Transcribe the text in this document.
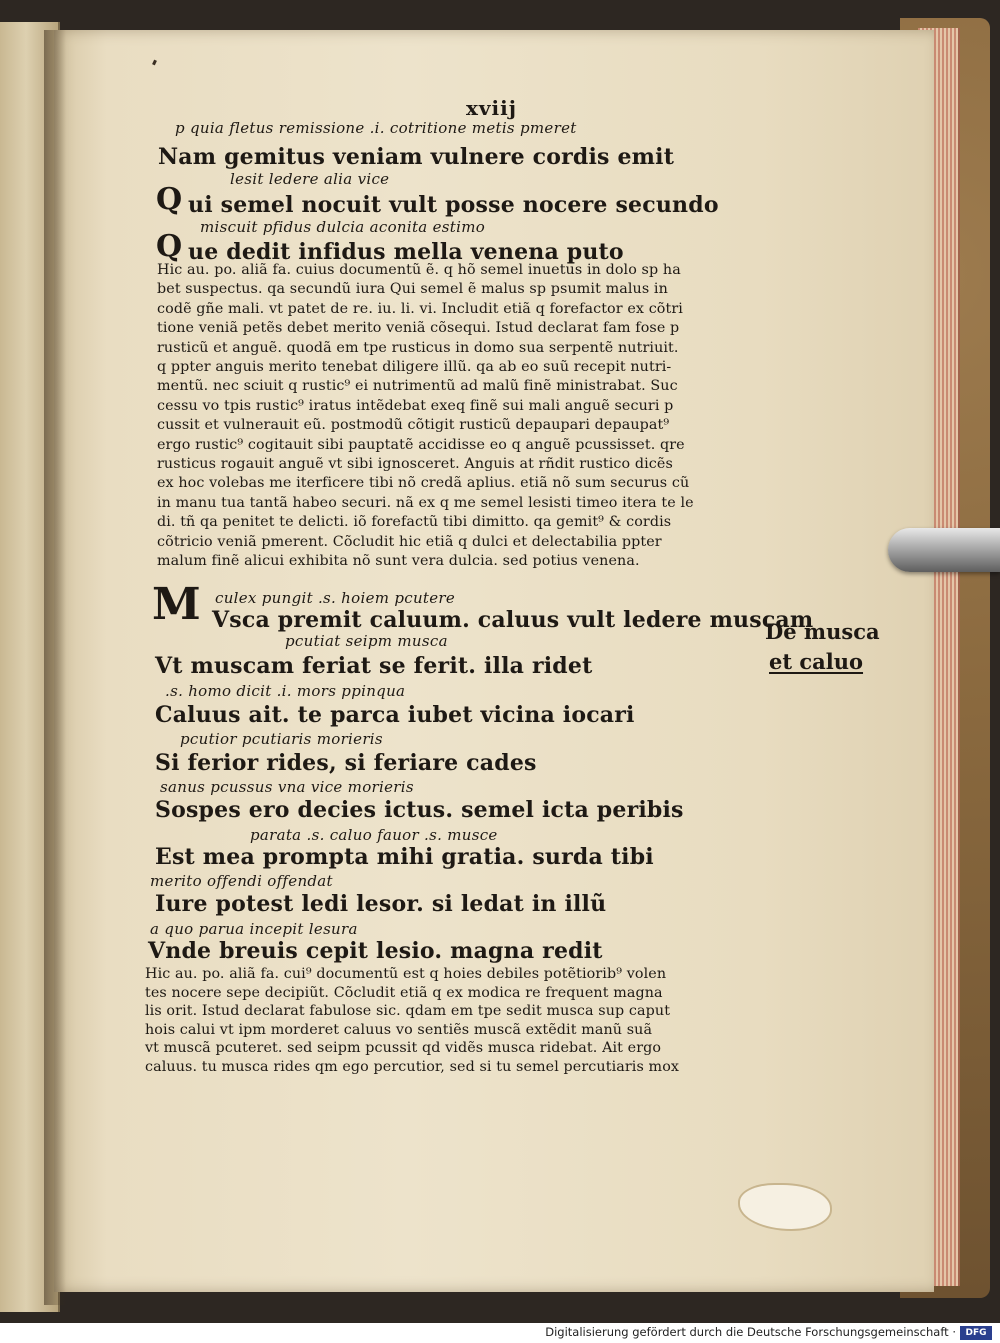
xviij
p quia fletus remissione .i. cotritione metis pmeret
Nam gemitus veniam vulnere cordis emit
lesit ledere alia vice
Q ui semel nocuit vult posse nocere secundo
miscuit pfidus dulcia aconita estimo
Q ue dedit infidus mella venena puto
Hic au. po. aliã fa. cuius documentũ ẽ. q hõ semel inuetus in dolo sp ha
bet suspectus. qa secundũ iura Qui semel ẽ malus sp psumit malus in
codẽ gñe mali. vt patet de re. iu. li. vi. Includit etiã q forefactor ex cõtri
tione veniã petẽs debet merito veniã cõsequi. Istud declarat fam fose p
rusticũ et anguẽ. quodã em tpe rusticus in domo sua serpentẽ nutriuit.
q ppter anguis merito tenebat diligere illũ. qa ab eo suũ recepit nutri-
mentũ. nec sciuit q rustic⁹ ei nutrimentũ ad malũ finẽ ministrabat. Suc
cessu vo tpis rustic⁹ iratus intẽdebat exeq finẽ sui mali anguẽ securi p
cussit et vulnerauit eũ. postmodũ cõtigit rusticũ depaupari depaupat⁹
ergo rustic⁹ cogitauit sibi pauptatẽ accidisse eo q anguẽ pcussisset. qre
rusticus rogauit anguẽ vt sibi ignosceret. Anguis at rñdit rustico dicẽs
ex hoc volebas me iterficere tibi nõ credã aplius. etiã nõ sum securus cũ
in manu tua tantã habeo securi. nã ex q me semel lesisti timeo itera te le
di. tñ qa penitet te delicti. iõ forefactũ tibi dimitto. qa gemit⁹ & cordis
cõtricio veniã pmerent. Cõcludit hic etiã q dulci et delectabilia ppter
malum finẽ alicui exhibita nõ sunt vera dulcia. sed potius venena.
M culex pungit .s. hoiem pcutere
Vsca premit caluum. caluus vult ledere muscam
pcutiat seipm musca
Vt muscam feriat se ferit. illa ridet
.s. homo dicit .i. mors ppinqua
Caluus ait. te parca iubet vicina iocari
pcutior pcutiaris morieris
Si ferior rides, si feriare cades
sanus pcussus vna vice morieris
Sospes ero decies ictus. semel icta peribis
parata .s. caluo fauor .s. musce
Est mea prompta mihi gratia. surda tibi
merito offendi offendat
Iure potest ledi lesor. si ledat in illũ
a quo parua incepit lesura
Vnde breuis cepit lesio. magna redit
Hic au. po. aliã fa. cui⁹ documentũ est q hoies debiles potẽtiorib⁹ volen
tes nocere sepe decipiũt. Cõcludit etiã q ex modica re frequent magna
lis orit. Istud declarat fabulose sic. qdam em tpe sedit musca sup caput
hois calui vt ipm morderet caluus vo sentiẽs muscã extẽdit manũ suã
vt muscã pcuteret. sed seipm pcussit qd vidẽs musca ridebat. Ait ergo
caluus. tu musca rides qm ego percutior, sed si tu semel percutiaris mox
De musca
et caluo
Digitalisierung gefördert durch die Deutsche Forschungsgemeinschaft ·	DFG
